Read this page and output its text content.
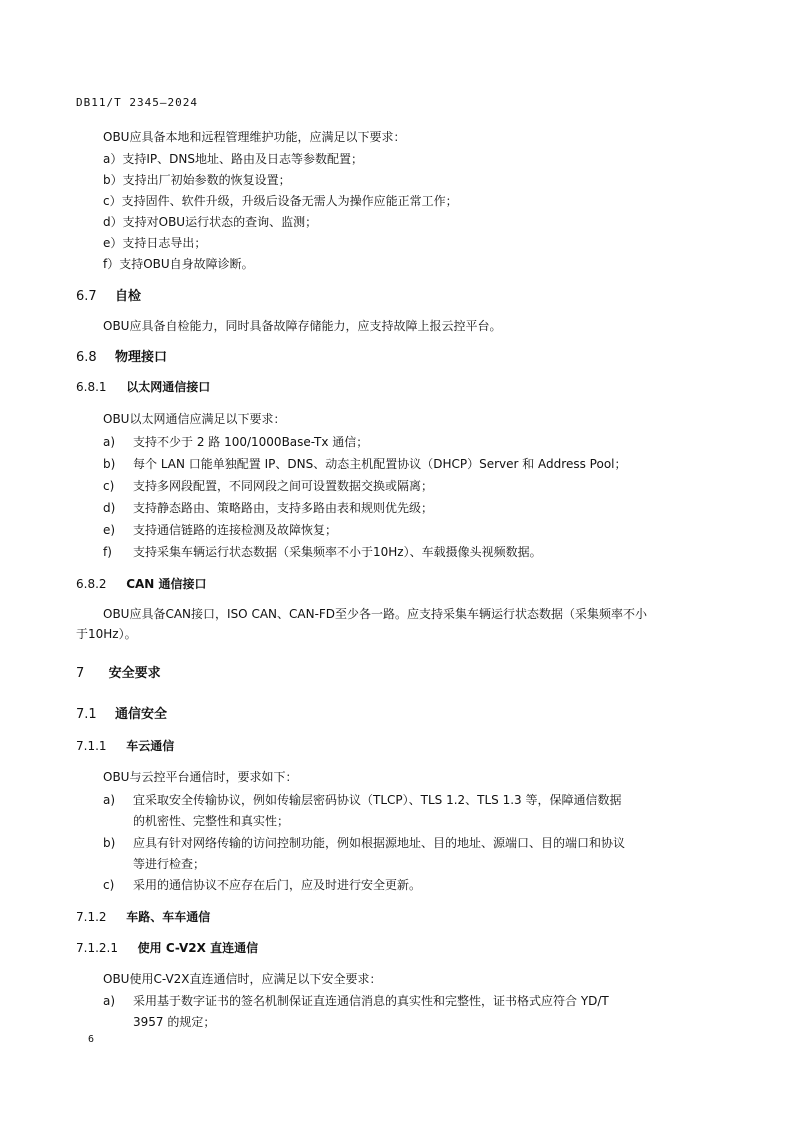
DB11/T 2345—2024
OBU应具备本地和远程管理维护功能，应满足以下要求：
a）支持IP、DNS地址、路由及日志等参数配置；
b）支持出厂初始参数的恢复设置；
c）支持固件、软件升级，升级后设备无需人为操作应能正常工作；
d）支持对OBU运行状态的查询、监测；
e）支持日志导出；
f）支持OBU自身故障诊断。
6.7 自检
OBU应具备自检能力，同时具备故障存储能力，应支持故障上报云控平台。
6.8 物理接口
6.8.1 以太网通信接口
OBU以太网通信应满足以下要求：
a) 支持不少于 2 路 100/1000Base-Tx 通信；
b) 每个 LAN 口能单独配置 IP、DNS、动态主机配置协议（DHCP）Server 和 Address Pool；
c) 支持多网段配置，不同网段之间可设置数据交换或隔离；
d) 支持静态路由、策略路由，支持多路由表和规则优先级；
e) 支持通信链路的连接检测及故障恢复；
f) 支持采集车辆运行状态数据（采集频率不小于10Hz）、车载摄像头视频数据。
6.8.2 CAN 通信接口
OBU应具备CAN接口，ISO CAN、CAN-FD至少各一路。应支持采集车辆运行状态数据（采集频率不小
于10Hz）。
7 安全要求
7.1 通信安全
7.1.1 车云通信
OBU与云控平台通信时，要求如下：
a) 宜采取安全传输协议，例如传输层密码协议（TLCP）、TLS 1.2、TLS 1.3 等，保障通信数据
的机密性、完整性和真实性；
b) 应具有针对网络传输的访问控制功能，例如根据源地址、目的地址、源端口、目的端口和协议
等进行检查；
c) 采用的通信协议不应存在后门，应及时进行安全更新。
7.1.2 车路、车车通信
7.1.2.1 使用 C-V2X 直连通信
OBU使用C-V2X直连通信时，应满足以下安全要求：
a) 采用基于数字证书的签名机制保证直连通信消息的真实性和完整性，证书格式应符合 YD/T
3957 的规定；
6
